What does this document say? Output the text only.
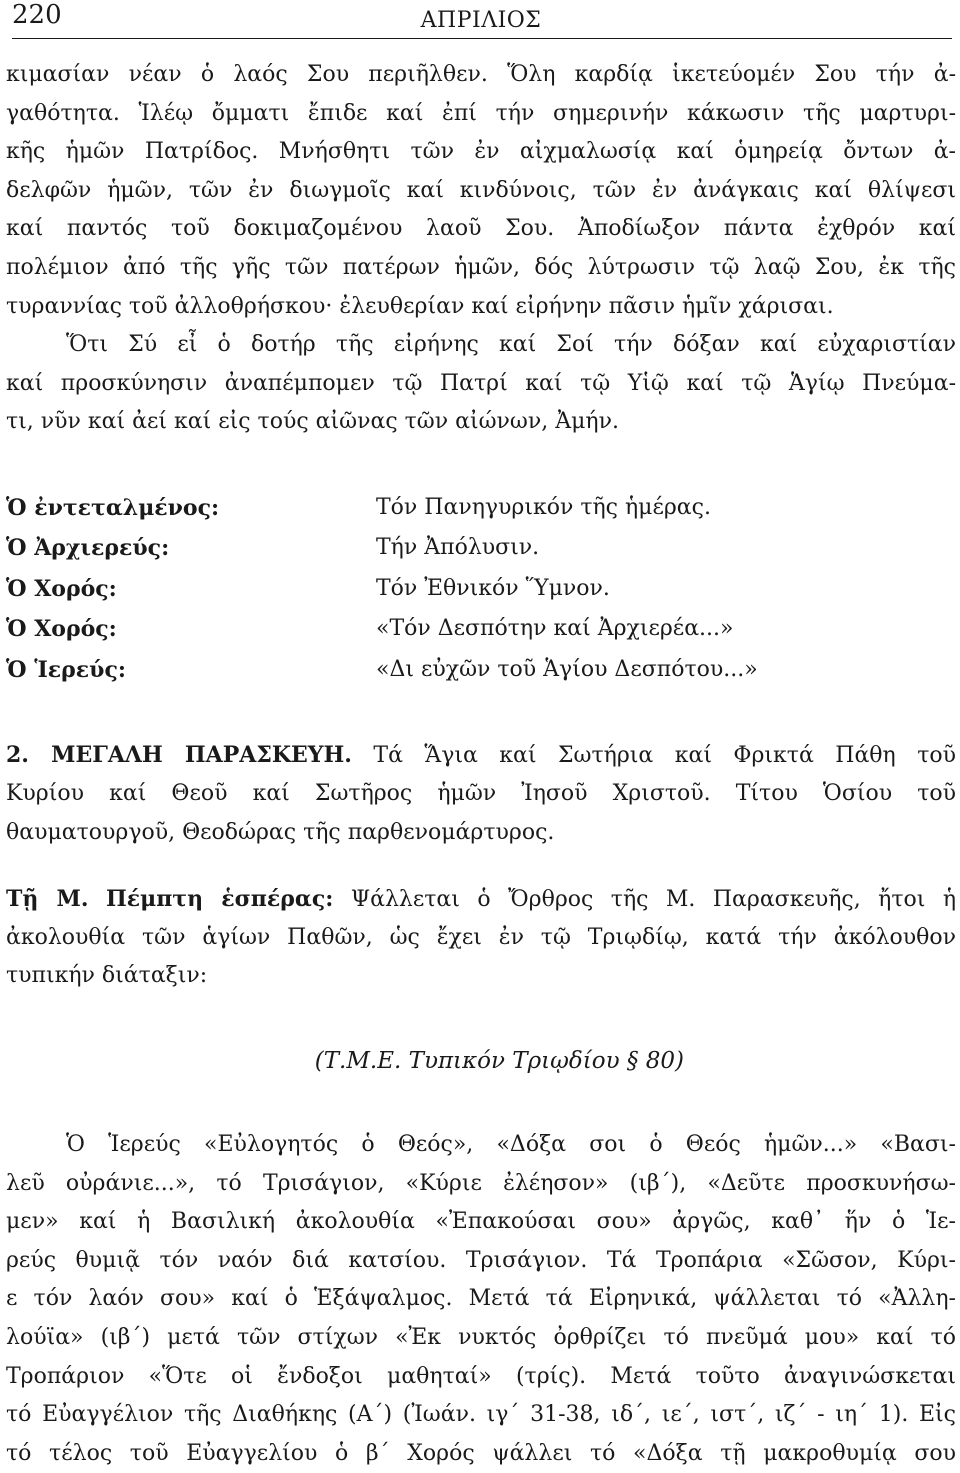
220	ΑΠΡΙΛΙΟΣ
κιμασίαν νέαν ὁ λαός Σου περιῆλθεν. Ὅλη καρδίᾳ ἱκετεύομέν Σου τήν ἀ-
γαθότητα. Ἱλέῳ ὄμματι ἔπιδε καί ἐπί τήν σημερινήν κάκωσιν τῆς μαρτυρι-
κῆς ἡμῶν Πατρίδος. Μνήσθητι τῶν ἐν αἰχμαλωσίᾳ καί ὁμηρείᾳ ὄντων ἀ-
δελφῶν ἡμῶν, τῶν ἐν διωγμοῖς καί κινδύνοις, τῶν ἐν ἀνάγκαις καί θλίψεσι
καί παντός τοῦ δοκιμαζομένου λαοῦ Σου. Ἀποδίωξον πάντα ἐχθρόν καί
πολέμιον ἀπό τῆς γῆς τῶν πατέρων ἡμῶν, δός λύτρωσιν τῷ λαῷ Σου, ἐκ τῆς
τυραννίας τοῦ ἀλλοθρήσκου· ἐλευθερίαν καί εἰρήνην πᾶσιν ἡμῖν χάρισαι.
Ὅτι Σύ εἶ ὁ δοτήρ τῆς εἰρήνης καί Σοί τήν δόξαν καί εὐχαριστίαν
καί προσκύνησιν ἀναπέμπομεν τῷ Πατρί καί τῷ Υἱῷ καί τῷ Ἁγίῳ Πνεύμα-
τι, νῦν καί ἀεί καί εἰς τούς αἰῶνας τῶν αἰώνων, Ἀμήν.
Ὁ ἐντεταλμένος:	Τόν Πανηγυρικόν τῆς ἡμέρας.
Ὁ Ἀρχιερεύς:	Τήν Ἀπόλυσιν.
Ὁ Χορός:	Τόν Ἐθνικόν Ὕμνον.
Ὁ Χορός:	«Τόν Δεσπότην καί Ἀρχιερέα...»
Ὁ Ἱερεύς:	«Δι εὐχῶν τοῦ Ἁγίου Δεσπότου...»
2. ΜΕΓΑΛΗ ΠΑΡΑΣΚΕΥΗ. Τά Ἅγια καί Σωτήρια καί Φρικτά Πάθη τοῦ
Κυρίου καί Θεοῦ καί Σωτῆρος ἡμῶν Ἰησοῦ Χριστοῦ. Τίτου Ὁσίου τοῦ
θαυματουργοῦ, Θεοδώρας τῆς παρθενομάρτυρος.
Τῇ Μ. Πέμπτη ἑσπέρας: Ψάλλεται ὁ Ὄρθρος τῆς Μ. Παρασκευῆς, ἤτοι ἡ
ἀκολουθία τῶν ἁγίων Παθῶν, ὡς ἔχει ἐν τῷ Τριῳδίῳ, κατά τήν ἀκόλουθον
τυπικήν διάταξιν:
(Τ.Μ.Ε. Τυπικόν Τριῳδίου § 80)
Ὁ Ἱερεύς «Εὐλογητός ὁ Θεός», «Δόξα σοι ὁ Θεός ἡμῶν...» «Βασι-
λεῦ οὐράνιε...», τό Τρισάγιον, «Κύριε ἐλέησον» (ιβ΄), «Δεῦτε προσκυνήσω-
μεν» καί ἡ Βασιλική ἀκολουθία «Ἐπακούσαι σου» ἀργῶς, καθ᾽ ἥν ὁ Ἱε-
ρεύς θυμιᾷ τόν ναόν διά κατσίου. Τρισάγιον. Τά Τροπάρια «Σῶσον, Κύρι-
ε τόν λαόν σου» καί ὁ Ἑξάψαλμος. Μετά τά Εἰρηνικά, ψάλλεται τό «Ἀλλη-
λούϊα» (ιβ΄) μετά τῶν στίχων «Ἐκ νυκτός ὀρθρίζει τό πνεῦμά μου» καί τό
Τροπάριον «Ὅτε οἱ ἔνδοξοι μαθηταί» (τρίς). Μετά τοῦτο ἀναγινώσκεται
τό Εὐαγγέλιον τῆς Διαθήκης (Α΄) (Ἰωάν. ιγ΄ 31-38, ιδ΄, ιε΄, ιστ΄, ιζ΄ - ιη΄ 1). Εἰς
τό τέλος τοῦ Εὐαγγελίου ὁ β΄ Χορός ψάλλει τό «Δόξα τῇ μακροθυμίᾳ σου
